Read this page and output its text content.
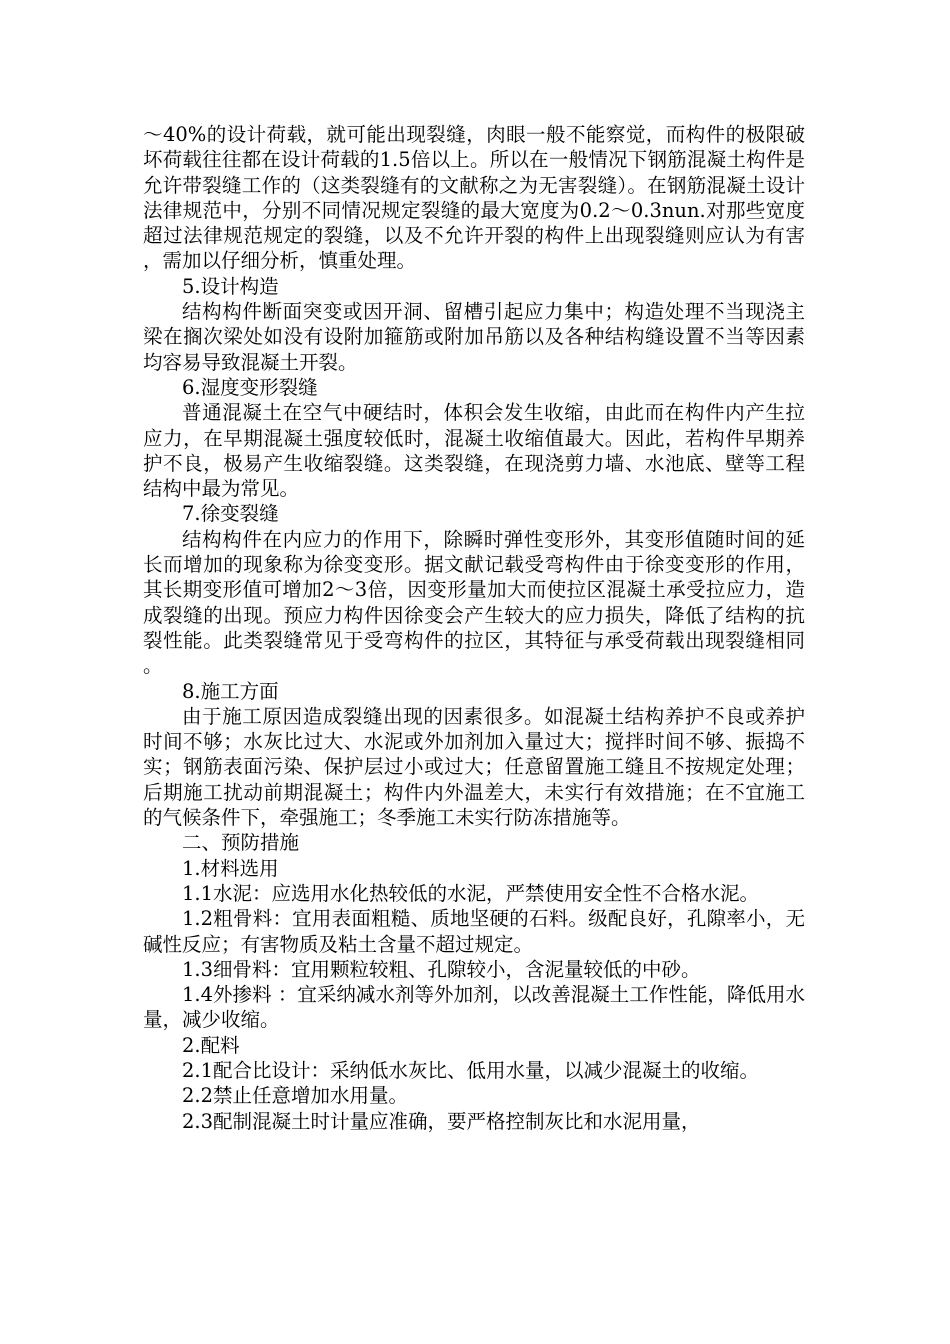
～40%的设计荷载，就可能出现裂缝，肉眼一般不能察觉，而构件的极限破坏荷载往往都在设计荷载的1.5倍以上。所以在一般情况下钢筋混凝土构件是允许带裂缝工作的（这类裂缝有的文献称之为无害裂缝）。在钢筋混凝土设计法律规范中，分别不同情况规定裂缝的最大宽度为0.2～0.3nun.对那些宽度超过法律规范规定的裂缝，以及不允许开裂的构件上出现裂缝则应认为有害，需加以仔细分析，慎重处理。

5.设计构造

结构构件断面突变或因开洞、留槽引起应力集中；构造处理不当现浇主梁在搁次梁处如没有设附加箍筋或附加吊筋以及各种结构缝设置不当等因素均容易导致混凝土开裂。

6.湿度变形裂缝

普通混凝土在空气中硬结时，体积会发生收缩，由此而在构件内产生拉应力，在早期混凝土强度较低时，混凝土收缩值最大。因此，若构件早期养护不良，极易产生收缩裂缝。这类裂缝，在现浇剪力墙、水池底、壁等工程结构中最为常见。

7.徐变裂缝

结构构件在内应力的作用下，除瞬时弹性变形外，其变形值随时间的延长而增加的现象称为徐变变形。据文献记载受弯构件由于徐变变形的作用，其长期变形值可增加2～3倍，因变形量加大而使拉区混凝土承受拉应力，造成裂缝的出现。预应力构件因徐变会产生较大的应力损失，降低了结构的抗裂性能。此类裂缝常见于受弯构件的拉区，其特征与承受荷载出现裂缝相同。

8.施工方面

由于施工原因造成裂缝出现的因素很多。如混凝土结构养护不良或养护时间不够；水灰比过大、水泥或外加剂加入量过大；搅拌时间不够、振捣不实；钢筋表面污染、保护层过小或过大；任意留置施工缝且不按规定处理；后期施工扰动前期混凝土；构件内外温差大，未实行有效措施；在不宜施工的气候条件下，牵强施工；冬季施工未实行防冻措施等。

二、预防措施

1.材料选用

1.1水泥：应选用水化热较低的水泥，严禁使用安全性不合格水泥。

1.2粗骨料：宜用表面粗糙、质地坚硬的石料。级配良好，孔隙率小，无碱性反应；有害物质及粘土含量不超过规定。

1.3细骨料：宜用颗粒较粗、孔隙较小，含泥量较低的中砂。

1.4外掺料 ：宜采纳减水剂等外加剂，以改善混凝土工作性能，降低用水量，减少收缩。

2.配料

2.1配合比设计：采纳低水灰比、低用水量，以减少混凝土的收缩。

2.2禁止任意增加水用量。

2.3配制混凝土时计量应准确，要严格控制灰比和水泥用量，
